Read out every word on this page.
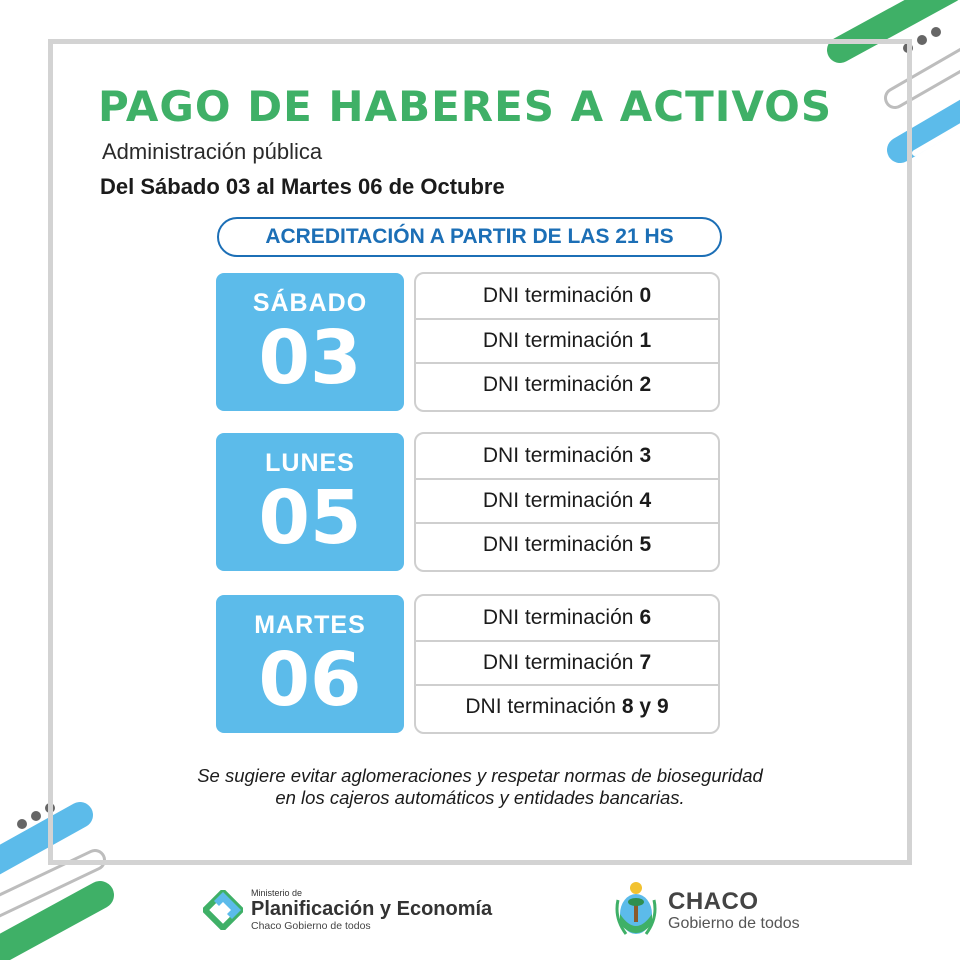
PAGO DE HABERES A ACTIVOS
Administración pública
Del Sábado 03 al Martes 06 de Octubre
ACREDITACIÓN A PARTIR DE LAS 21 HS
SÁBADO
03
DNI terminación 0
DNI terminación 1
DNI terminación 2
LUNES
05
DNI terminación 3
DNI terminación 4
DNI terminación 5
MARTES
06
DNI terminación 6
DNI terminación 7
DNI terminación 8 y 9
Se sugiere evitar aglomeraciones y respetar normas de bioseguridad en los cajeros automáticos y entidades bancarias.
Ministerio de
Planificación y Economía
Chaco Gobierno de todos
CHACO
Gobierno de todos
